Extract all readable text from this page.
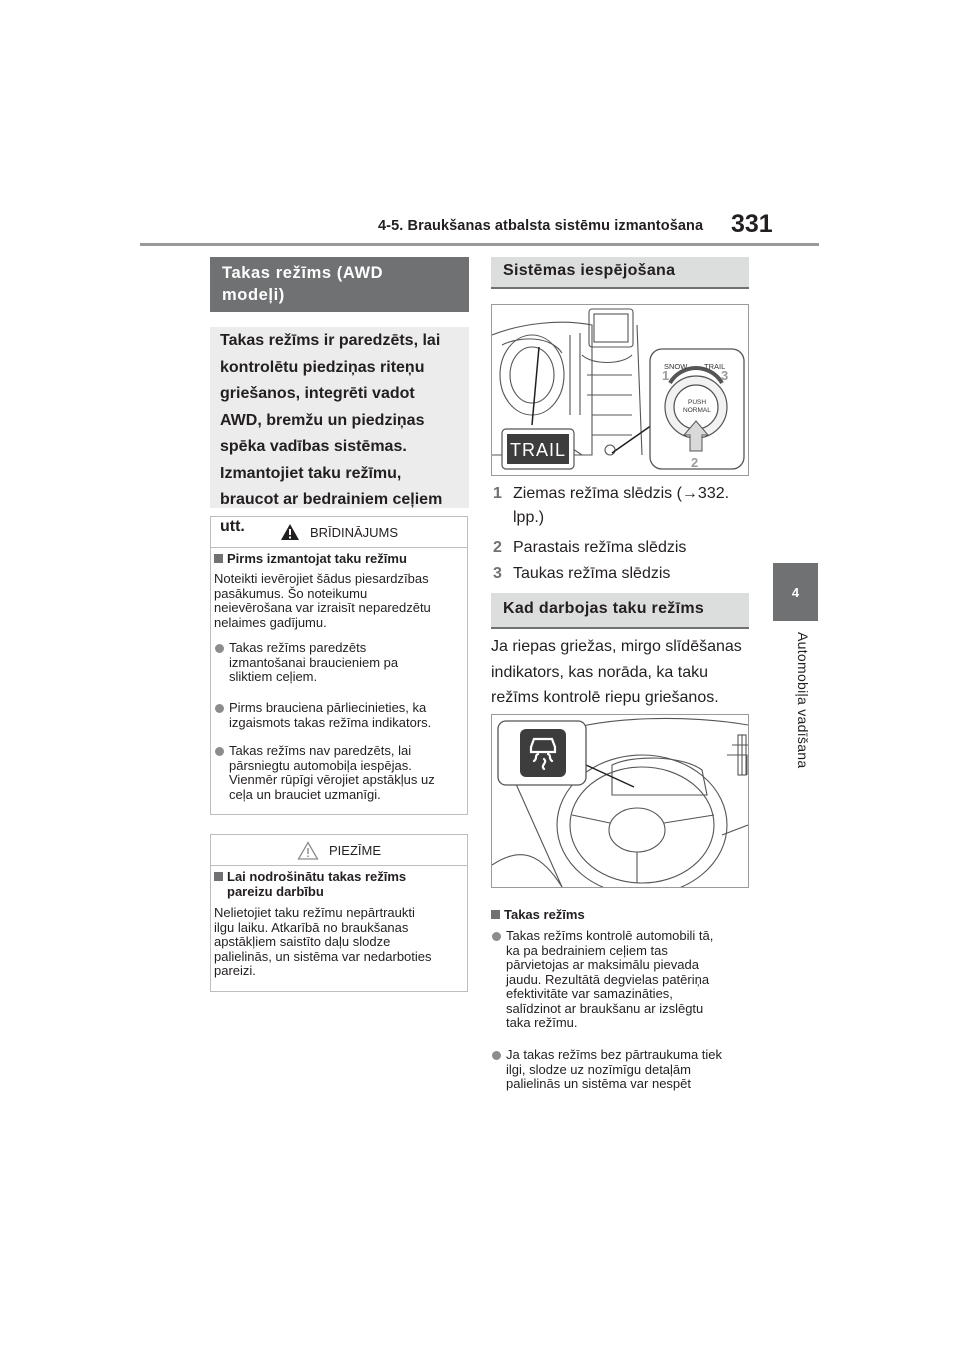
4-5. Braukšanas atbalsta sistēmu izmantošana 331
4
Automobiļa vadīšana
Takas režīms (AWD
modeļi)
Takas režīms ir paredzēts, lai
kontrolētu piedziņas riteņu
griešanos, integrēti vadot
AWD, bremžu un piedziņas
spēka vadības sistēmas.
Izmantojiet taku režīmu,
braucot ar bedrainiem ceļiem
utt.	BRĪDINĀJUMS
Pirms izmantojat taku režīmu
Noteikti ievērojiet šādus piesardzības
pasākumus. Šo noteikumu
neievērošana var izraisīt neparedzētu
nelaimes gadījumu.
Takas režīms paredzēts
izmantošanai braucieniem pa
sliktiem ceļiem.
Pirms brauciena pārliecinieties, ka
izgaismots takas režīma indikators.
Takas režīms nav paredzēts, lai
pārsniegtu automobiļa iespējas.
Vienmēr rūpīgi vērojiet apstākļus uz
ceļa un brauciet uzmanīgi.
PIEZĪME
Lai nodrošinātu takas režīms
pareizu darbību
Nelietojiet taku režīmu nepārtraukti
ilgu laiku. Atkarībā no braukšanas
apstākļiem saistīto daļu slodze
palielinās, un sistēma var nedarboties
pareizi.
Sistēmas iespējošana
SNOW TRAIL
PUSH
NORMAL
1	3
2
TRAIL
1 Ziemas režīma slēdzis (→332.
lpp.)
2 Parastais režīma slēdzis
3 Taukas režīma slēdzis
Kad darbojas taku režīms
Ja riepas griežas, mirgo slīdēšanas
indikators, kas norāda, ka taku
režīms kontrolē riepu griešanos.
Takas režīms
Takas režīms kontrolē automobili tā,
ka pa bedrainiem ceļiem tas
pārvietojas ar maksimālu pievada
jaudu. Rezultātā degvielas patēriņa
efektivitāte var samazināties,
salīdzinot ar braukšanu ar izslēgtu
taka režīmu.
Ja takas režīms bez pārtraukuma tiek
ilgi, slodze uz nozīmīgu detaļām
palielinās un sistēma var nespēt
